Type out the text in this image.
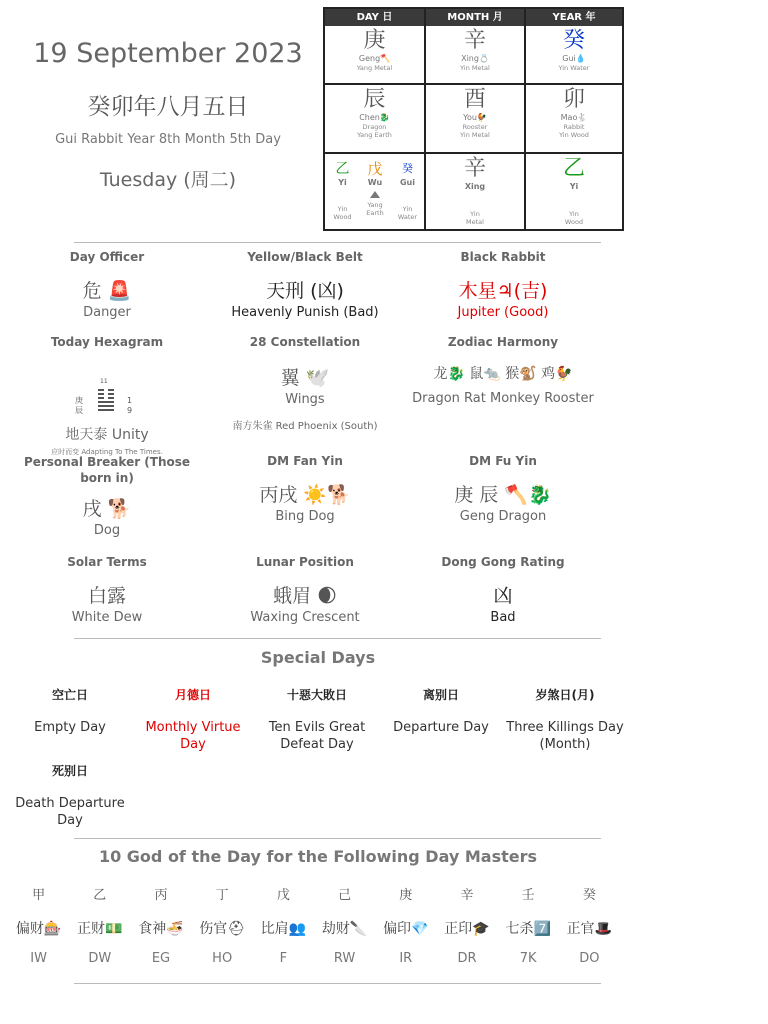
19 September 2023
癸卯年八月五日
Gui Rabbit Year 8th Month 5th Day
Tuesday (周二)
DAY 日	MONTH 月	YEAR 年
庚
Geng🪓
Yang Metal
辛
Xing💍
Yin Metal
癸
Gui💧
Yin Water
辰
Chen🐉
Dragon
Yang Earth
酉
You🐓
Rooster
Yin Metal
卯
Mao🐇
Rabbit
Yin Wood
乙
Yi
Yin
Wood
戊
Wu
Yang
Earth
癸
Gui
Yin
Water
辛
Xing
Yin
Metal
乙
Yi
Yin
Wood
Day Officer
危 🚨
Danger
Yellow/Black Belt
天刑 (凶)
Heavenly Punish (Bad)
Black Rabbit
木星♃(吉)
Jupiter (Good)
Today Hexagram
11
庚
辰
1
9
地天泰 Unity
应时而变 Adapting To The Times.
28 Constellation
翼 🕊️
Wings
南方朱雀 Red Phoenix (South)
Zodiac Harmony
龙🐉 鼠🐀 猴🐒 鸡🐓
Dragon Rat Monkey Rooster
Personal Breaker (Those born in)
戌 🐕
Dog
DM Fan Yin
丙戌 ☀️🐕
Bing Dog
DM Fu Yin
庚 辰 🪓🐉
Geng Dragon
Solar Terms
白露
White Dew
Lunar Position
蛾眉 🌒
Waxing Crescent
Dong Gong Rating
凶
Bad
Special Days
空亡日
Empty Day
月德日
Monthly Virtue Day
十惡大敗日
Ten Evils Great Defeat Day
离别日
Departure Day
岁煞日(月)
Three Killings Day (Month)
死别日
Death Departure Day
10 God of the Day for the Following Day Masters
甲
偏财🎰
IW
乙
正财💵
DW
丙
食神🍜
EG
丁
伤官⛑
HO
戊
比肩👥
F
己
劫财🔪
RW
庚
偏印💎
IR
辛
正印🎓
DR
壬
七杀7️⃣
7K
癸
正官🎩
DO
